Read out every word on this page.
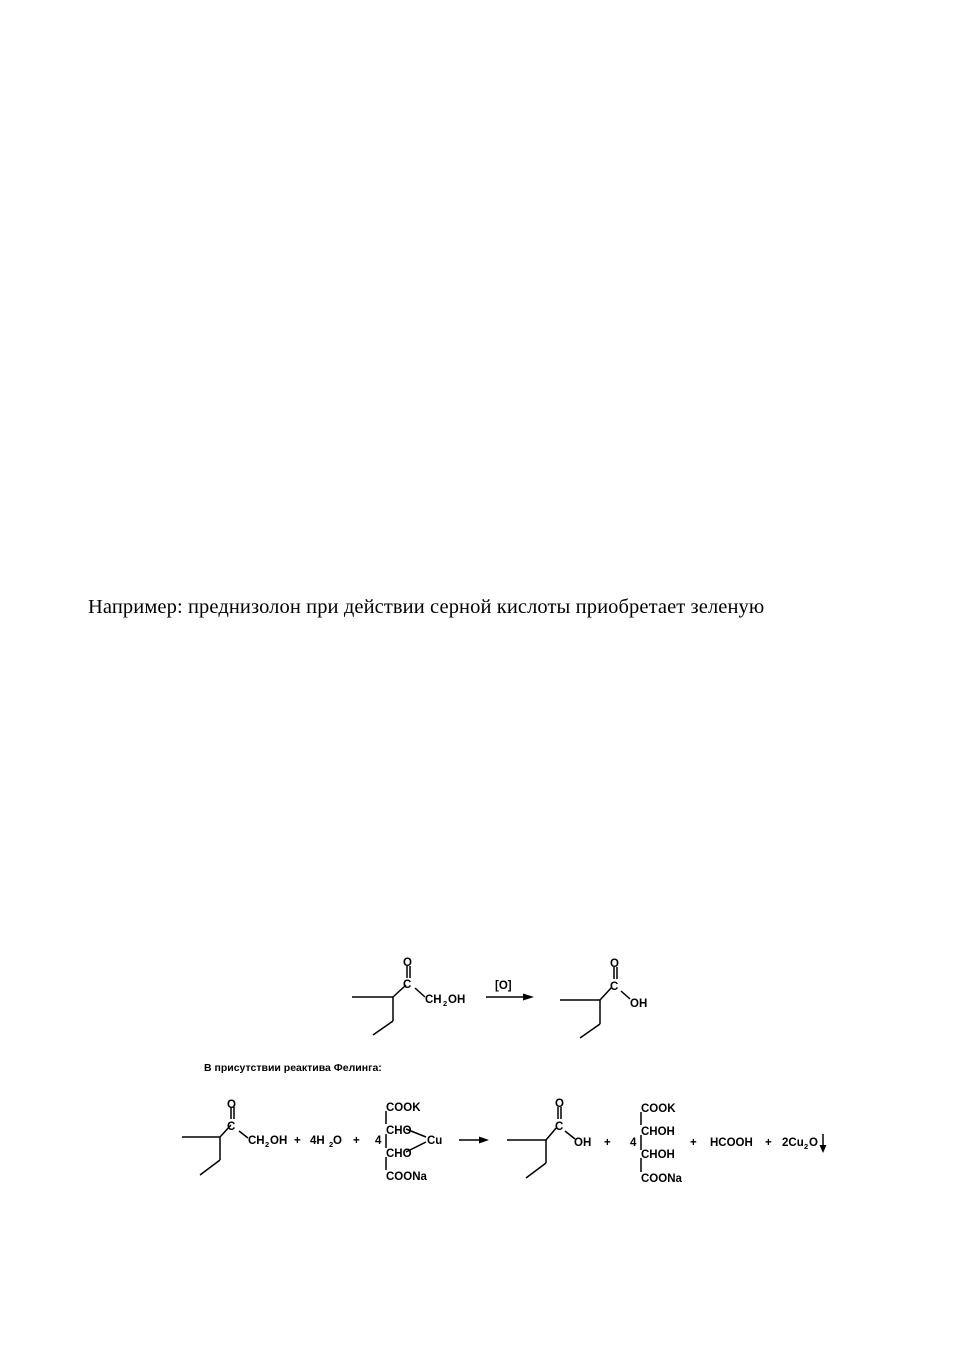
Например: преднизолон при действии серной кислоты приобретает зеленую
O
C
CH 2 OH
[O]
O
C
OH
В присутствии реактива Фелинга:
O
C
CH 2 OH + 4H 2 O + 4
COOK
CHO
CHO
COONa
Cu
O
C
OH + 4
COOK
CHOH
CHOH
COONa
+ HCOOH + 2Cu 2 O
